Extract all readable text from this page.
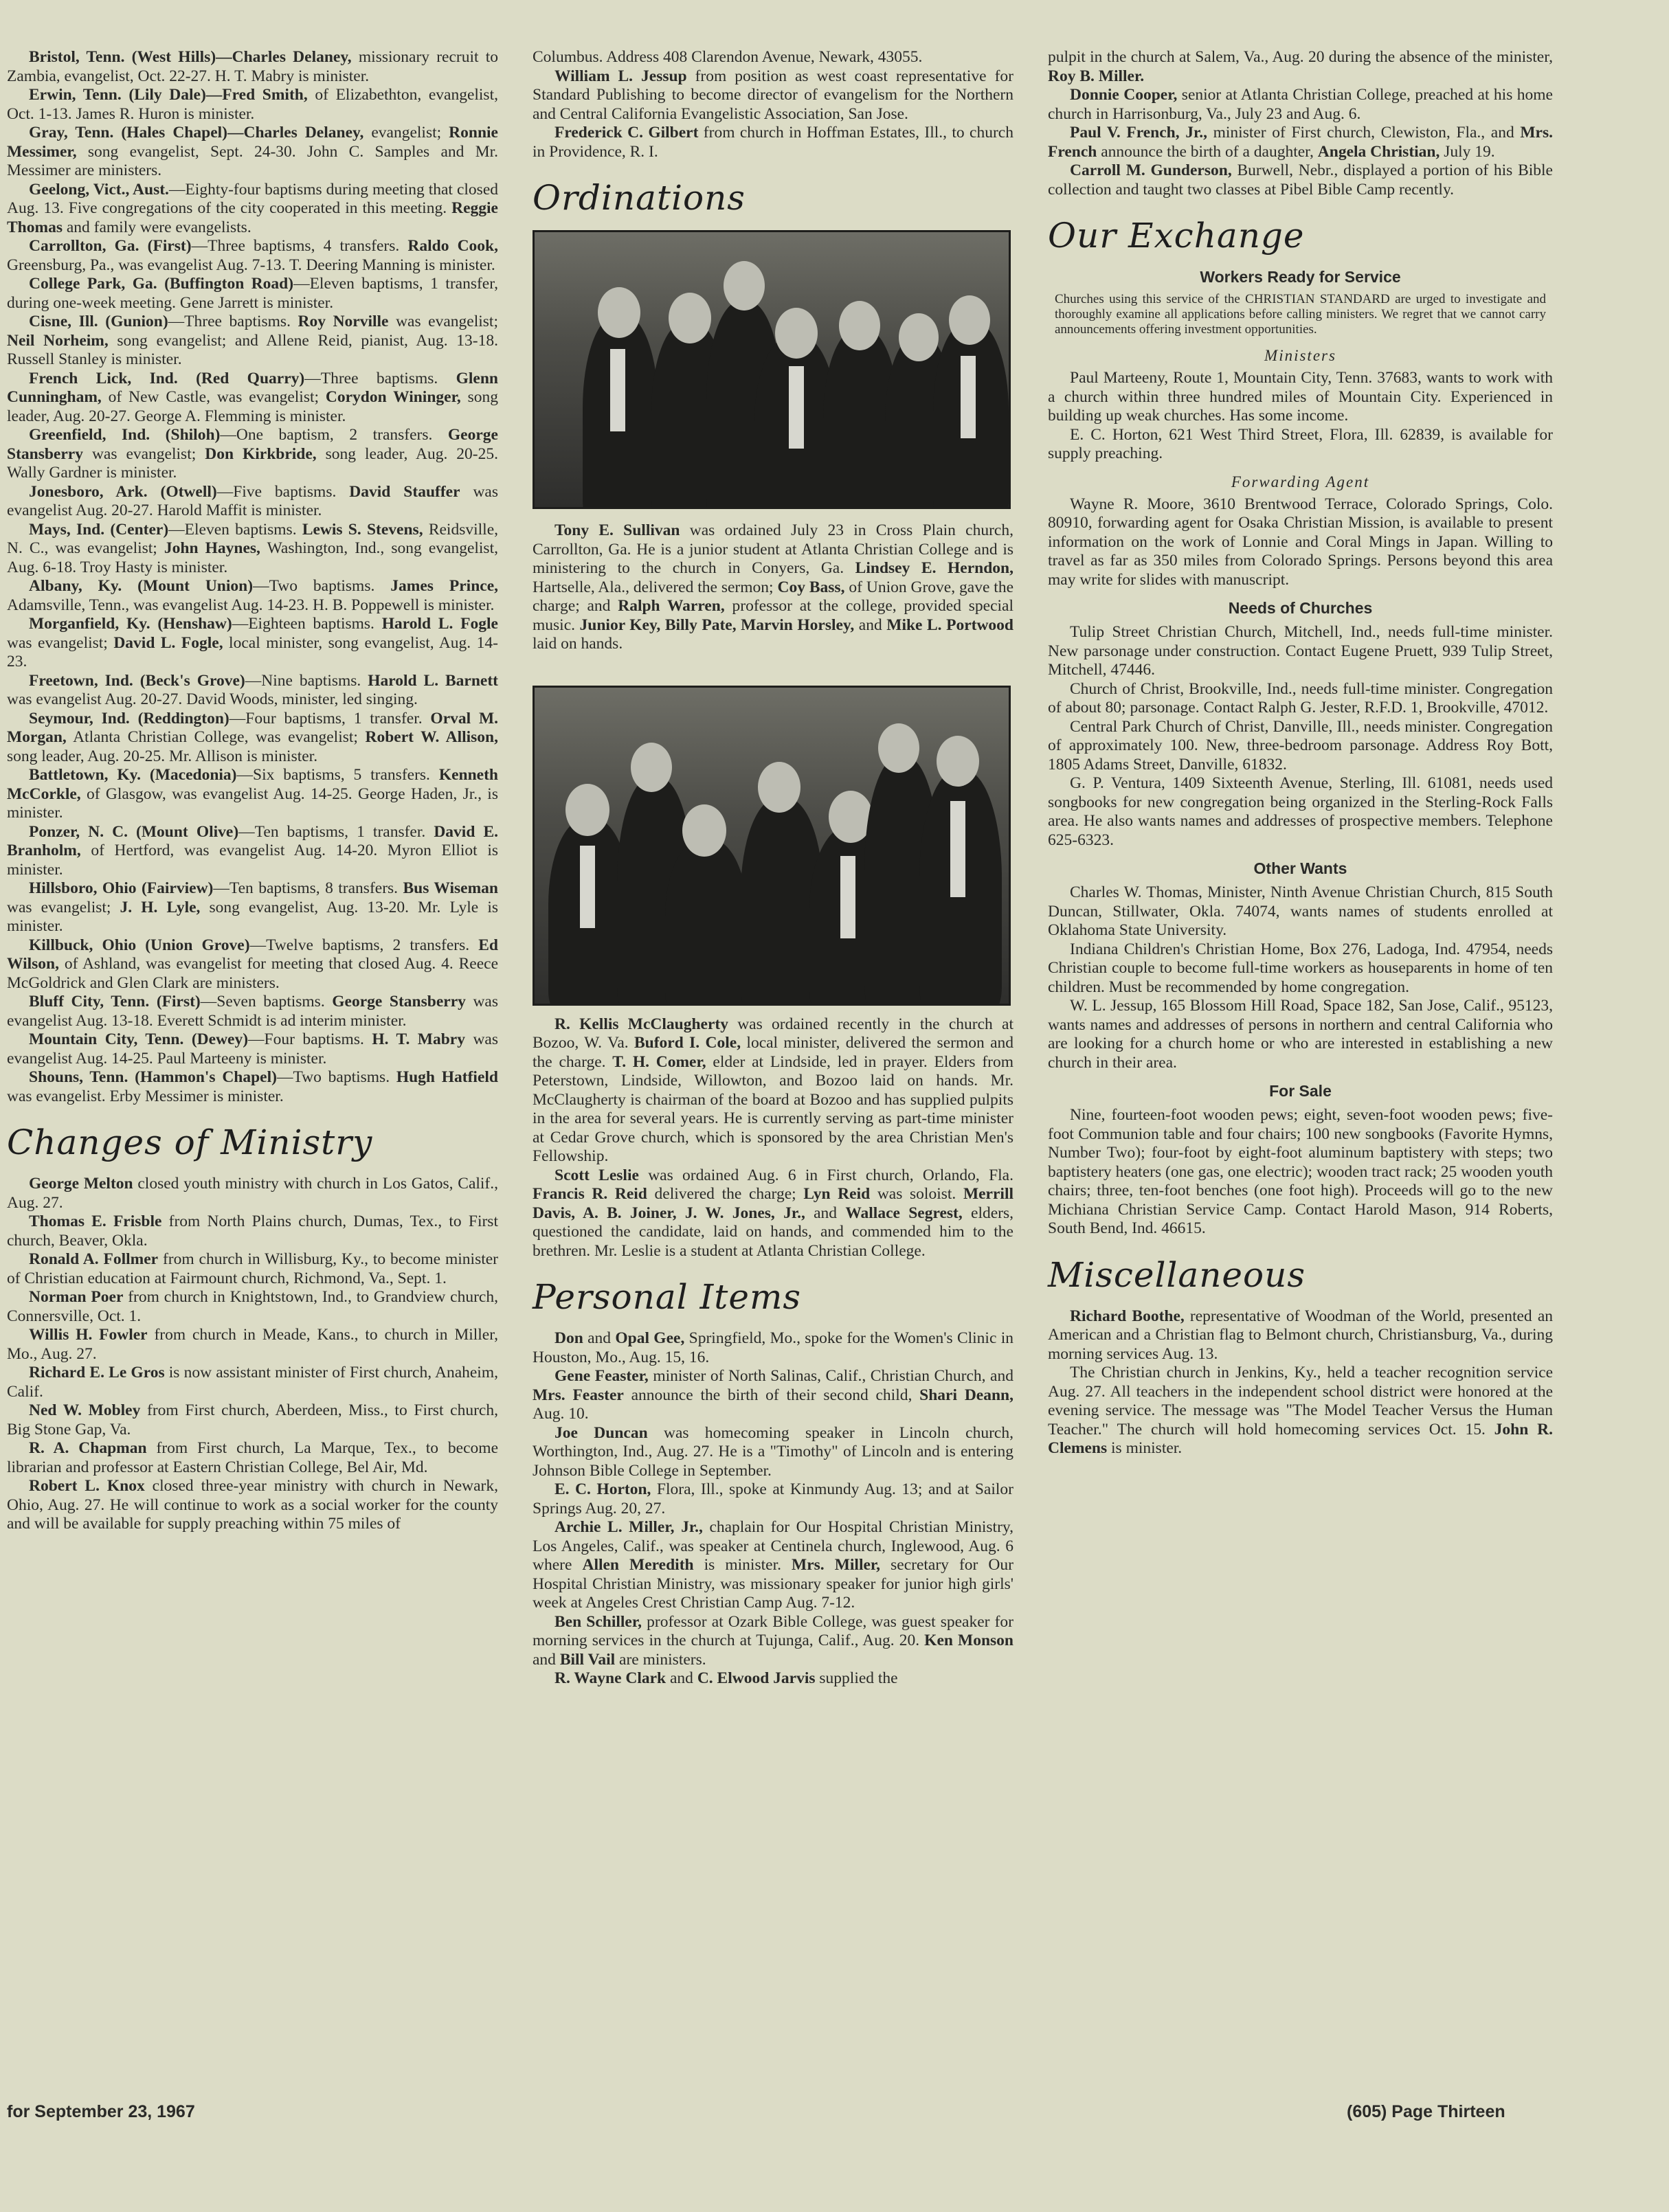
Bristol, Tenn. (West Hills)—Charles Delaney, missionary recruit to Zambia, evangelist, Oct. 22-27. H. T. Mabry is minister.

Erwin, Tenn. (Lily Dale)—Fred Smith, of Elizabethton, evangelist, Oct. 1-13. James R. Huron is minister.

Gray, Tenn. (Hales Chapel)—Charles Delaney, evangelist; Ronnie Messimer, song evangelist, Sept. 24-30. John C. Samples and Mr. Messimer are ministers.

Geelong, Vict., Aust.—Eighty-four baptisms during meeting that closed Aug. 13. Five congregations of the city cooperated in this meeting. Reggie Thomas and family were evangelists.

Carrollton, Ga. (First)—Three baptisms, 4 transfers. Raldo Cook, Greensburg, Pa., was evangelist Aug. 7-13. T. Deering Manning is minister.

College Park, Ga. (Buffington Road)—Eleven baptisms, 1 transfer, during one-week meeting. Gene Jarrett is minister.

Cisne, Ill. (Gunion)—Three baptisms. Roy Norville was evangelist; Neil Norheim, song evangelist; and Allene Reid, pianist, Aug. 13-18. Russell Stanley is minister.

French Lick, Ind. (Red Quarry)—Three baptisms. Glenn Cunningham, of New Castle, was evangelist; Corydon Wininger, song leader, Aug. 20-27. George A. Flemming is minister.

Greenfield, Ind. (Shiloh)—One baptism, 2 transfers. George Stansberry was evangelist; Don Kirkbride, song leader, Aug. 20-25. Wally Gardner is minister.

Jonesboro, Ark. (Otwell)—Five baptisms. David Stauffer was evangelist Aug. 20-27. Harold Maffit is minister.

Mays, Ind. (Center)—Eleven baptisms. Lewis S. Stevens, Reidsville, N. C., was evangelist; John Haynes, Washington, Ind., song evangelist, Aug. 6-18. Troy Hasty is minister.

Albany, Ky. (Mount Union)—Two baptisms. James Prince, Adamsville, Tenn., was evangelist Aug. 14-23. H. B. Poppewell is minister.

Morganfield, Ky. (Henshaw)—Eighteen baptisms. Harold L. Fogle was evangelist; David L. Fogle, local minister, song evangelist, Aug. 14-23.

Freetown, Ind. (Beck's Grove)—Nine baptisms. Harold L. Barnett was evangelist Aug. 20-27. David Woods, minister, led singing.

Seymour, Ind. (Reddington)—Four baptisms, 1 transfer. Orval M. Morgan, Atlanta Christian College, was evangelist; Robert W. Allison, song leader, Aug. 20-25. Mr. Allison is minister.

Battletown, Ky. (Macedonia)—Six baptisms, 5 transfers. Kenneth McCorkle, of Glasgow, was evangelist Aug. 14-25. George Haden, Jr., is minister.

Ponzer, N. C. (Mount Olive)—Ten baptisms, 1 transfer. David E. Branholm, of Hertford, was evangelist Aug. 14-20. Myron Elliot is minister.

Hillsboro, Ohio (Fairview)—Ten baptisms, 8 transfers. Bus Wiseman was evangelist; J. H. Lyle, song evangelist, Aug. 13-20. Mr. Lyle is minister.

Killbuck, Ohio (Union Grove)—Twelve baptisms, 2 transfers. Ed Wilson, of Ashland, was evangelist for meeting that closed Aug. 4. Reece McGoldrick and Glen Clark are ministers.

Bluff City, Tenn. (First)—Seven baptisms. George Stansberry was evangelist Aug. 13-18. Everett Schmidt is ad interim minister.

Mountain City, Tenn. (Dewey)—Four baptisms. H. T. Mabry was evangelist Aug. 14-25. Paul Marteeny is minister.

Shouns, Tenn. (Hammon's Chapel)—Two baptisms. Hugh Hatfield was evangelist. Erby Messimer is minister.

Changes of Ministry

George Melton closed youth ministry with church in Los Gatos, Calif., Aug. 27.

Thomas E. Frisble from North Plains church, Dumas, Tex., to First church, Beaver, Okla.

Ronald A. Follmer from church in Willisburg, Ky., to become minister of Christian education at Fairmount church, Richmond, Va., Sept. 1.

Norman Poer from church in Knightstown, Ind., to Grandview church, Connersville, Oct. 1.

Willis H. Fowler from church in Meade, Kans., to church in Miller, Mo., Aug. 27.

Richard E. Le Gros is now assistant minister of First church, Anaheim, Calif.

Ned W. Mobley from First church, Aberdeen, Miss., to First church, Big Stone Gap, Va.

R. A. Chapman from First church, La Marque, Tex., to become librarian and professor at Eastern Christian College, Bel Air, Md.

Robert L. Knox closed three-year ministry with church in Newark, Ohio, Aug. 27. He will continue to work as a social worker for the county and will be available for supply preaching within 75 miles of

Columbus. Address 408 Clarendon Avenue, Newark, 43055.

William L. Jessup from position as west coast representative for Standard Publishing to become director of evangelism for the Northern and Central California Evangelistic Association, San Jose.

Frederick C. Gilbert from church in Hoffman Estates, Ill., to church in Providence, R. I.

Ordinations

Tony E. Sullivan was ordained July 23 in Cross Plain church, Carrollton, Ga. He is a junior student at Atlanta Christian College and is ministering to the church in Conyers, Ga. Lindsey E. Herndon, Hartselle, Ala., delivered the sermon; Coy Bass, of Union Grove, gave the charge; and Ralph Warren, professor at the college, provided special music. Junior Key, Billy Pate, Marvin Horsley, and Mike L. Portwood laid on hands.

R. Kellis McClaugherty was ordained recently in the church at Bozoo, W. Va. Buford I. Cole, local minister, delivered the sermon and the charge. T. H. Comer, elder at Lindside, led in prayer. Elders from Peterstown, Lindside, Willowton, and Bozoo laid on hands. Mr. McClaugherty is chairman of the board at Bozoo and has supplied pulpits in the area for several years. He is currently serving as part-time minister at Cedar Grove church, which is sponsored by the area Christian Men's Fellowship.

Scott Leslie was ordained Aug. 6 in First church, Orlando, Fla. Francis R. Reid delivered the charge; Lyn Reid was soloist. Merrill Davis, A. B. Joiner, J. W. Jones, Jr., and Wallace Segrest, elders, questioned the candidate, laid on hands, and commended him to the brethren. Mr. Leslie is a student at Atlanta Christian College.

Personal Items

Don and Opal Gee, Springfield, Mo., spoke for the Women's Clinic in Houston, Mo., Aug. 15, 16.

Gene Feaster, minister of North Salinas, Calif., Christian Church, and Mrs. Feaster announce the birth of their second child, Shari Deann, Aug. 10.

Joe Duncan was homecoming speaker in Lincoln church, Worthington, Ind., Aug. 27. He is a "Timothy" of Lincoln and is entering Johnson Bible College in September.

E. C. Horton, Flora, Ill., spoke at Kinmundy Aug. 13; and at Sailor Springs Aug. 20, 27.

Archie L. Miller, Jr., chaplain for Our Hospital Christian Ministry, Los Angeles, Calif., was speaker at Centinela church, Inglewood, Aug. 6 where Allen Meredith is minister. Mrs. Miller, secretary for Our Hospital Christian Ministry, was missionary speaker for junior high girls' week at Angeles Crest Christian Camp Aug. 7-12.

Ben Schiller, professor at Ozark Bible College, was guest speaker for morning services in the church at Tujunga, Calif., Aug. 20. Ken Monson and Bill Vail are ministers.

R. Wayne Clark and C. Elwood Jarvis supplied the

pulpit in the church at Salem, Va., Aug. 20 during the absence of the minister, Roy B. Miller.

Donnie Cooper, senior at Atlanta Christian College, preached at his home church in Harrisonburg, Va., July 23 and Aug. 6.

Paul V. French, Jr., minister of First church, Clewiston, Fla., and Mrs. French announce the birth of a daughter, Angela Christian, July 19.

Carroll M. Gunderson, Burwell, Nebr., displayed a portion of his Bible collection and taught two classes at Pibel Bible Camp recently.

Our Exchange
Workers Ready for Service

Churches using this service of the CHRISTIAN STANDARD are urged to investigate and thoroughly examine all applications before calling ministers. We regret that we cannot carry announcements offering investment opportunities.

Ministers

Paul Marteeny, Route 1, Mountain City, Tenn. 37683, wants to work with a church within three hundred miles of Mountain City. Experienced in building up weak churches. Has some income.

E. C. Horton, 621 West Third Street, Flora, Ill. 62839, is available for supply preaching.

Forwarding Agent

Wayne R. Moore, 3610 Brentwood Terrace, Colorado Springs, Colo. 80910, forwarding agent for Osaka Christian Mission, is available to present information on the work of Lonnie and Coral Mings in Japan. Willing to travel as far as 350 miles from Colorado Springs. Persons beyond this area may write for slides with manuscript.

Needs of Churches

Tulip Street Christian Church, Mitchell, Ind., needs full-time minister. New parsonage under construction. Contact Eugene Pruett, 939 Tulip Street, Mitchell, 47446.

Church of Christ, Brookville, Ind., needs full-time minister. Congregation of about 80; parsonage. Contact Ralph G. Jester, R.F.D. 1, Brookville, 47012.

Central Park Church of Christ, Danville, Ill., needs minister. Congregation of approximately 100. New, three-bedroom parsonage. Address Roy Bott, 1805 Adams Street, Danville, 61832.

G. P. Ventura, 1409 Sixteenth Avenue, Sterling, Ill. 61081, needs used songbooks for new congregation being organized in the Sterling-Rock Falls area. He also wants names and addresses of prospective members. Telephone 625-6323.

Other Wants

Charles W. Thomas, Minister, Ninth Avenue Christian Church, 815 South Duncan, Stillwater, Okla. 74074, wants names of students enrolled at Oklahoma State University.

Indiana Children's Christian Home, Box 276, Ladoga, Ind. 47954, needs Christian couple to become full-time workers as houseparents in home of ten children. Must be recommended by home congregation.

W. L. Jessup, 165 Blossom Hill Road, Space 182, San Jose, Calif., 95123, wants names and addresses of persons in northern and central California who are looking for a church home or who are interested in establishing a new church in their area.

For Sale

Nine, fourteen-foot wooden pews; eight, seven-foot wooden pews; five-foot Communion table and four chairs; 100 new songbooks (Favorite Hymns, Number Two); four-foot by eight-foot aluminum baptistery with steps; two baptistery heaters (one gas, one electric); wooden tract rack; 25 wooden youth chairs; three, ten-foot benches (one foot high). Proceeds will go to the new Michiana Christian Service Camp. Contact Harold Mason, 914 Roberts, South Bend, Ind. 46615.

Miscellaneous

Richard Boothe, representative of Woodman of the World, presented an American and a Christian flag to Belmont church, Christiansburg, Va., during morning services Aug. 13.

The Christian church in Jenkins, Ky., held a teacher recognition service Aug. 27. All teachers in the independent school district were honored at the evening service. The message was "The Model Teacher Versus the Human Teacher." The church will hold homecoming services Oct. 15. John R. Clemens is minister.

for September 23, 1967	(605) Page Thirteen
